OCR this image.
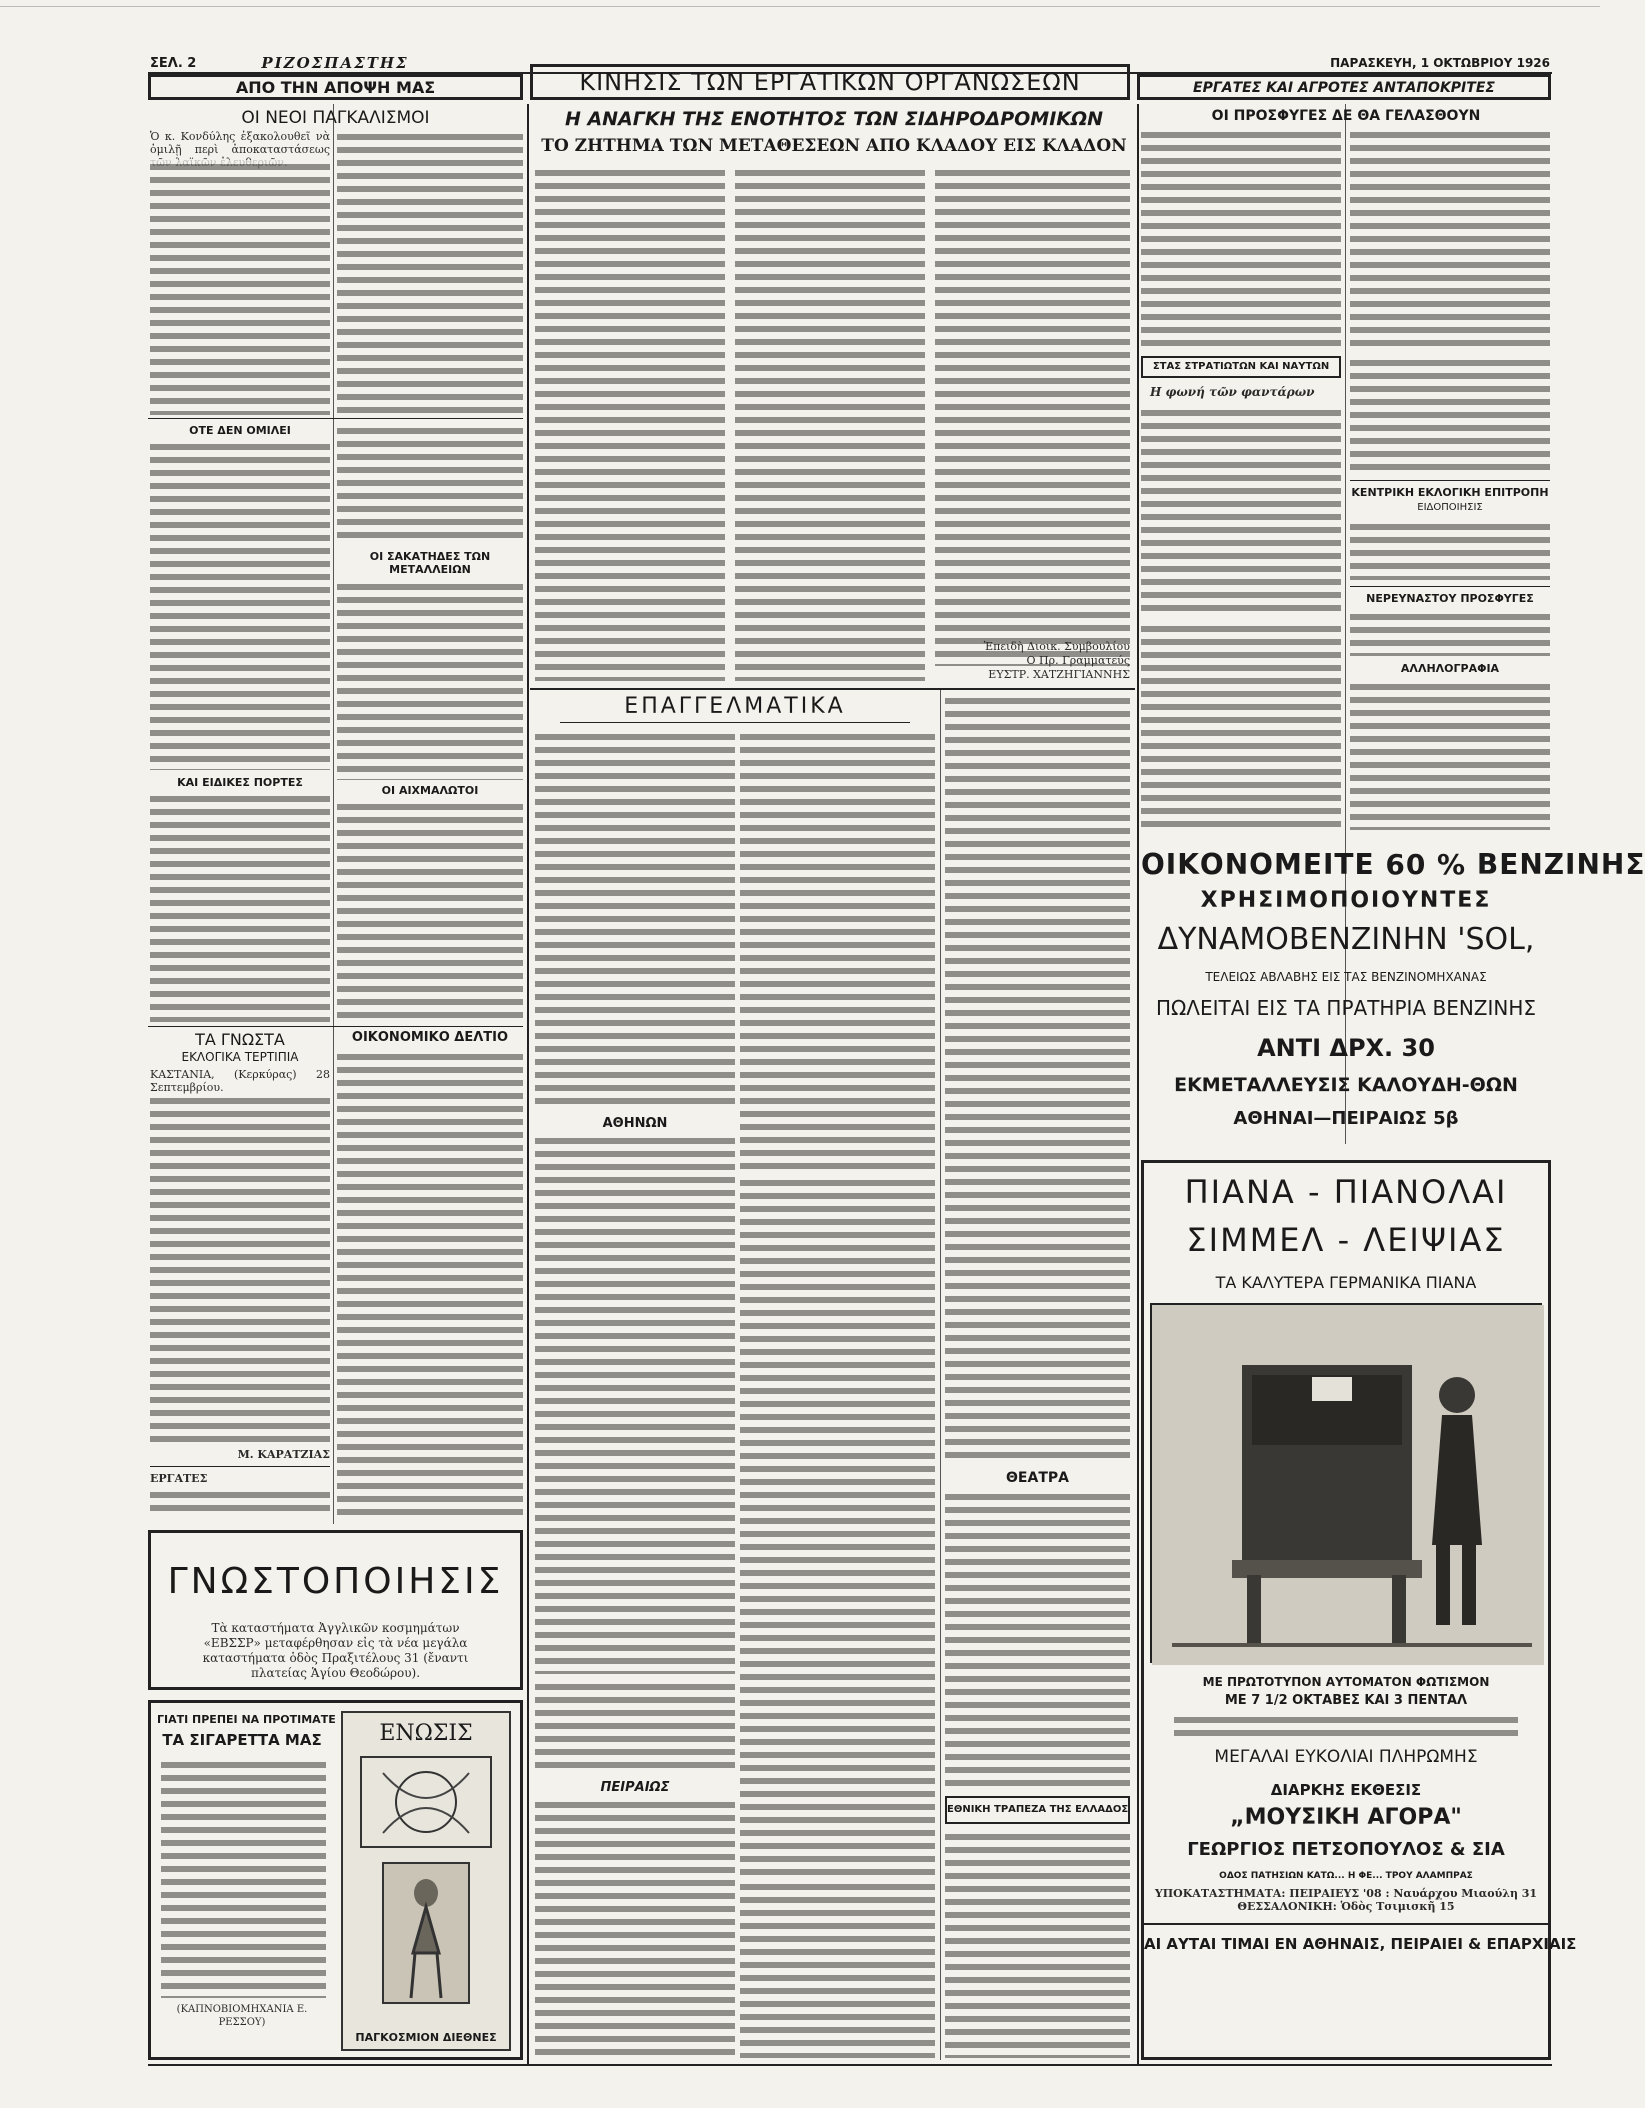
ΣΕΛ. 2	ΡΙΖΟΣΠΑΣΤΗΣ	ΠΑΡΑΣΚΕΥΗ, 1 ΟΚΤΩΒΡΙΟΥ 1926
ΑΠΟ ΤΗΝ ΑΠΟΨΗ ΜΑΣ	ΚΙΝΗΣΙΣ ΤΩΝ ΕΡΓΑΤΙΚΩΝ ΟΡΓΑΝΩΣΕΩΝ	ΕΡΓΑΤΕΣ ΚΑΙ ΑΓΡΟΤΕΣ ΑΝΤΑΠΟΚΡΙΤΕΣ
ΟΙ ΝΕΟΙ ΠΑΓΚΑΛΙΣΜΟΙ
Ὁ κ. Κονδύλης ἐξακολουθεῖ νὰ ὁμιλῇ περὶ ἀποκαταστάσεως
ΟΤΕ ΔΕΝ ΟΜΙΛΕΙ
ΟΙ ΣΑΚΑΤΗΔΕΣ ΤΩΝ ΜΕΤΑΛΛΕΙΩΝ
ΚΑΙ ΕΙΔΙΚΕΣ ΠΟΡΤΕΣ
ΟΙ ΑΙΧΜΑΛΩΤΟΙ
ΤΑ ΓΝΩΣΤΑ
ΕΚΛΟΓΙΚΑ ΤΕΡΤΙΠΙΑ
ΚΑΣΤΑΝΙΑ, (Κερκύρας) 28 Σεπτεμβρίου.
Μ. ΚΑΡΑΤΖΙΑΣ
ΕΡΓΑΤΕΣ
ΟΙΚΟΝΟΜΙΚΟ ΔΕΛΤΙΟ
ΓΝΩΣΤΟΠΟΙΗΣΙΣ
Τὰ καταστήματα Ἀγγλικῶν κοσμημάτων «ΕΒΣΣΡ» μεταφέρθησαν εἰς τὰ νέα μεγάλα καταστήματα ὁδὸς Πραξιτέλους 31 (ἔναντι πλατείας Ἁγίου Θεοδώρου).
ΓΙΑΤΙ ΠΡΕΠΕΙ ΝΑ ΠΡΟΤΙΜΑΤΕ
ΤΑ ΣΙΓΑΡΕΤΤΑ ΜΑΣ
(ΚΑΠΝΟΒΙΟΜΗΧΑΝΙΑ Ε. ΡΕΣΣΟΥ)
ΕΝΩΣΙΣ
ΠΑΓΚΟΣΜΙΟΝ ΔΙΕΘΝΕΣ
Η ΑΝΑΓΚΗ ΤΗΣ ΕΝΟΤΗΤΟΣ ΤΩΝ ΣΙΔΗΡΟΔΡΟΜΙΚΩΝ
ΤΟ ΖΗΤΗΜΑ ΤΩΝ ΜΕΤΑΘΕΣΕΩΝ ΑΠΟ ΚΛΑΔΟΥ ΕΙΣ ΚΛΑΔΟΝ
Ἐπειδὴ Διοικ. Συμβουλίου
Ο Πρ. Γραμματεύς
ΕΥΣΤΡ. ΧΑΤΖΗΓΙΑΝΝΗΣ
ΕΠΑΓΓΕΛΜΑΤΙΚΑ
ΑΘΗΝΩΝ
ΠΕΙΡΑΙΩΣ
ΘΕΑΤΡΑ
ΕΘΝΙΚΗ ΤΡΑΠΕΖΑ ΤΗΣ ΕΛΛΑΔΟΣ
ΟΙ ΠΡΟΣΦΥΓΕΣ ΔΕ ΘΑ ΓΕΛΑΣΘΟΥΝ
ΣΤΑΣ ΣΤΡΑΤΙΩΤΩΝ ΚΑΙ ΝΑΥΤΩΝ
Η φωνή τῶν φαντάρων
ΚΕΝΤΡΙΚΗ ΕΚΛΟΓΙΚΗ ΕΠΙΤΡΟΠΗ
ΕΙΔΟΠΟΙΗΣΙΣ
ΝΕΡΕΥΝΑΣΤΟΥ ΠΡΟΣΦΥΓΕΣ
ΑΛΛΗΛΟΓΡΑΦΙΑ
ΟΙΚΟΝΟΜΕΙΤΕ 60 % ΒΕΝΖΙΝΗΣ
ΧΡΗΣΙΜΟΠΟΙΟΥΝΤΕΣ
ΔΥΝΑΜΟΒΕΝΖΙΝΗΝ 'SOL,
ΤΕΛΕΙΩΣ ΑΒΛΑΒΗΣ ΕΙΣ ΤΑΣ ΒΕΝΖΙΝΟΜΗΧΑΝΑΣ
ΠΩΛΕΙΤΑΙ ΕΙΣ ΤΑ ΠΡΑΤΗΡΙΑ ΒΕΝΖΙΝΗΣ
ΑΝΤΙ ΔΡΧ. 30
ΕΚΜΕΤΑΛΛΕΥΣΙΣ ΚΑΛΟΥΔΗ-ΘΩΝ
ΑΘΗΝΑΙ—ΠΕΙΡΑΙΩΣ 5β
ΠΙΑΝΑ - ΠΙΑΝΟΛΑΙ
ΣΙΜΜΕΛ - ΛΕΙΨΙΑΣ
ΤΑ ΚΑΛΥΤΕΡΑ ΓΕΡΜΑΝΙΚΑ ΠΙΑΝΑ
ΜΕ ΠΡΩΤΟΤΥΠΟΝ ΑΥΤΟΜΑΤΟΝ ΦΩΤΙΣΜΟΝ
ΜΕ 7 1/2 ΟΚΤΑΒΕΣ ΚΑΙ 3 ΠΕΝΤΑΛ
ΜΕΓΑΛΑΙ ΕΥΚΟΛΙΑΙ ΠΛΗΡΩΜΗΣ
ΔΙΑΡΚΗΣ ΕΚΘΕΣΙΣ
„ΜΟΥΣΙΚΗ ΑΓΟΡΑ"
ΓΕΩΡΓΙΟΣ ΠΕΤΣΟΠΟΥΛΟΣ & ΣΙΑ
ΟΔΟΣ ΠΑΤΗΣΙΩΝ ΚΑΤΩ... Η ΦΕ... ΤΡΟΥ ΑΛΑΜΠΡΑΣ
ΥΠΟΚΑΤΑΣΤΗΜΑΤΑ: ΠΕΙΡΑΙΕΥΣ '08 : Ναυάρχου Μιαούλη 31 ΘΕΣΣΑΛΟΝΙΚΗ: Ὁδὸς Τσιμισκῆ 15
ΑΙ ΑΥΤΑΙ ΤΙΜΑΙ ΕΝ ΑΘΗΝΑΙΣ, ΠΕΙΡΑΙΕΙ & ΕΠΑΡΧΙΑΙΣ
